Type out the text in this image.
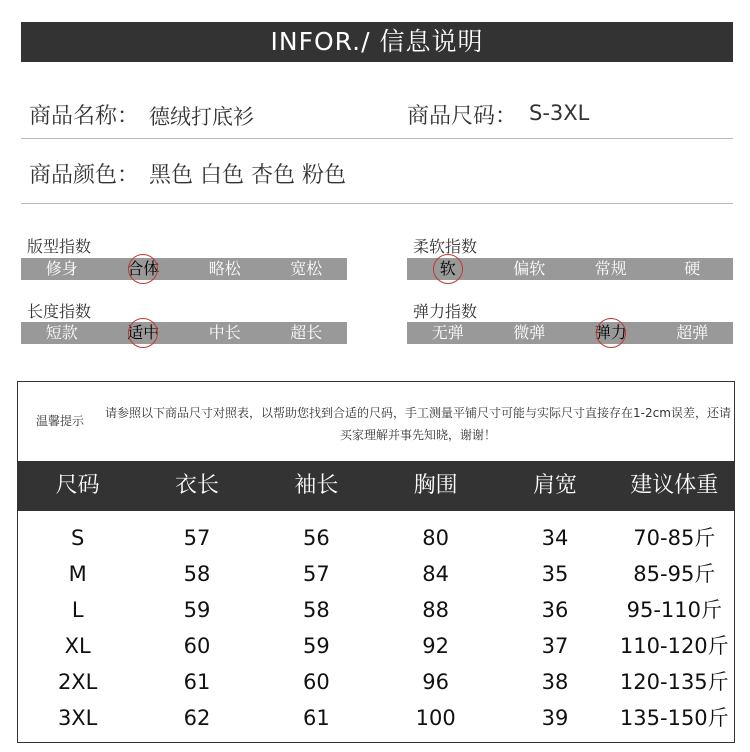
INFOR./ 信息说明
商品名称： 德绒打底衫	商品尺码： S-3XL
商品颜色： 黑色 白色 杏色 粉色
版型指数
修身	合体	略松	宽松
柔软指数
软	偏软	常规	硬
长度指数
短款	适中	中长	超长
弹力指数
无弹	微弹	弹力	超弹
温馨提示
请参照以下商品尺寸对照表，以帮助您找到合适的尺码，手工测量平铺尺寸可能与实际尺寸直接存在1-2cm误差，还请买家理解并事先知晓，谢谢！
尺码	衣长	袖长	胸围	肩宽	建议体重
S	57	56	80	34	70-85斤
M	58	57	84	35	85-95斤
L	59	58	88	36	95-110斤
XL	60	59	92	37	110-120斤
2XL	61	60	96	38	120-135斤
3XL	62	61	100	39	135-150斤
